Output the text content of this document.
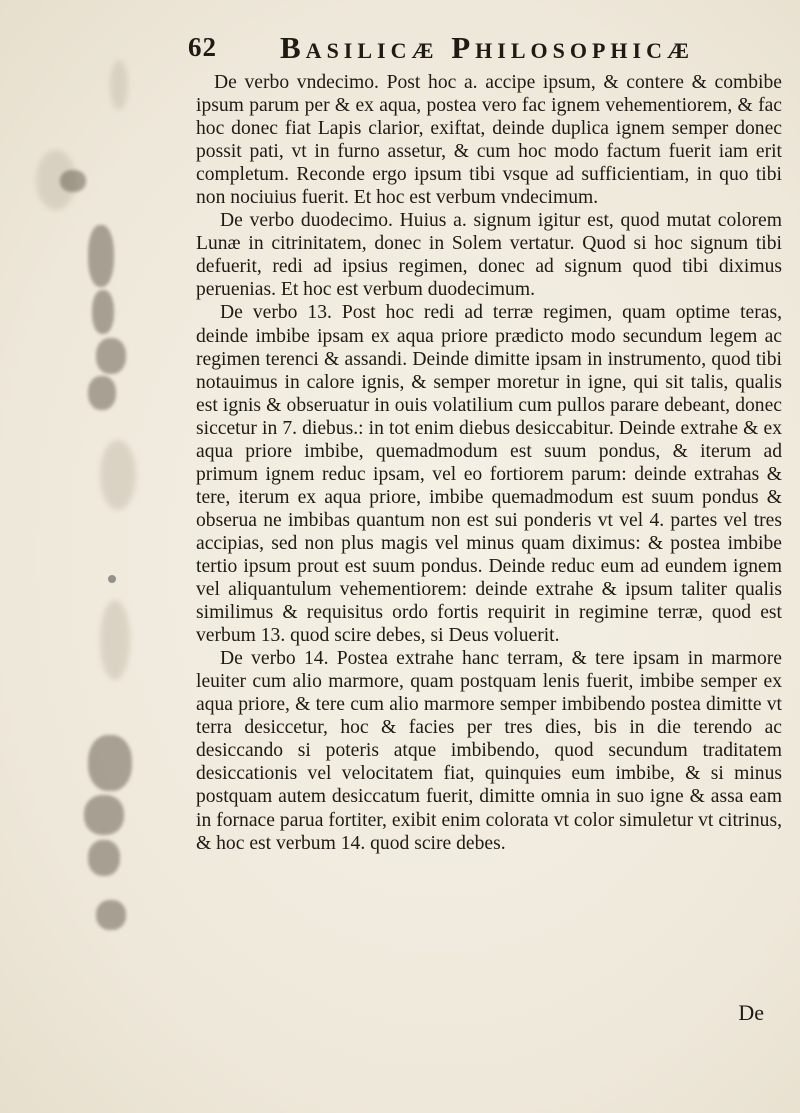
62 Basilicæ Philosophicæ

De verbo vndecimo. Post hoc a. accipe ipsum, & contere & combibe ipsum parum per & ex aqua, postea vero fac ignem vehementiorem, & fac hoc donec fiat Lapis clarior, exiftat, deinde duplica ignem semper donec possit pati, vt in furno assetur, & cum hoc modo factum fuerit iam erit completum. Reconde ergo ipsum tibi vsque ad sufficientiam, in quo tibi non nociuius fuerit. Et hoc est verbum vndecimum.

De verbo duodecimo. Huius a. signum igitur est, quod mutat colorem Lunæ in citrinitatem, donec in Solem vertatur. Quod si hoc signum tibi defuerit, redi ad ipsius regimen, donec ad signum quod tibi diximus peruenias. Et hoc est verbum duodecimum.

De verbo 13. Post hoc redi ad terræ regimen, quam optime teras, deinde imbibe ipsam ex aqua priore prædicto modo secundum legem ac regimen terenci & assandi. Deinde dimitte ipsam in instrumento, quod tibi notauimus in calore ignis, & semper moretur in igne, qui sit talis, qualis est ignis & obseruatur in ouis volatilium cum pullos parare debeant, donec siccetur in 7. diebus.: in tot enim diebus desiccabitur. Deinde extrahe & ex aqua priore imbibe, quemadmodum est suum pondus, & iterum ad primum ignem reduc ipsam, vel eo fortiorem parum: deinde extrahas & tere, iterum ex aqua priore, imbibe quemadmodum est suum pondus & obserua ne imbibas quantum non est sui ponderis vt vel 4. partes vel tres accipias, sed non plus magis vel minus quam diximus: & postea imbibe tertio ipsum prout est suum pondus. Deinde reduc eum ad eundem ignem vel aliquantulum vehementiorem: deinde extrahe & ipsum taliter qualis similimus & requisitus ordo fortis requirit in regimine terræ, quod est verbum 13. quod scire debes, si Deus voluerit.

De verbo 14. Postea extrahe hanc terram, & tere ipsam in marmore leuiter cum alio marmore, quam postquam lenis fuerit, imbibe semper ex aqua priore, & tere cum alio marmore semper imbibendo postea dimitte vt terra desiccetur, hoc & facies per tres dies, bis in die terendo ac desiccando si poteris atque imbibendo, quod secundum traditatem desiccationis vel velocitatem fiat, quinquies eum imbibe, & si minus postquam autem desiccatum fuerit, dimitte omnia in suo igne & assa eam in fornace parua fortiter, exibit enim colorata vt color simuletur vt citrinus, & hoc est verbum 14. quod scire debes.

De
